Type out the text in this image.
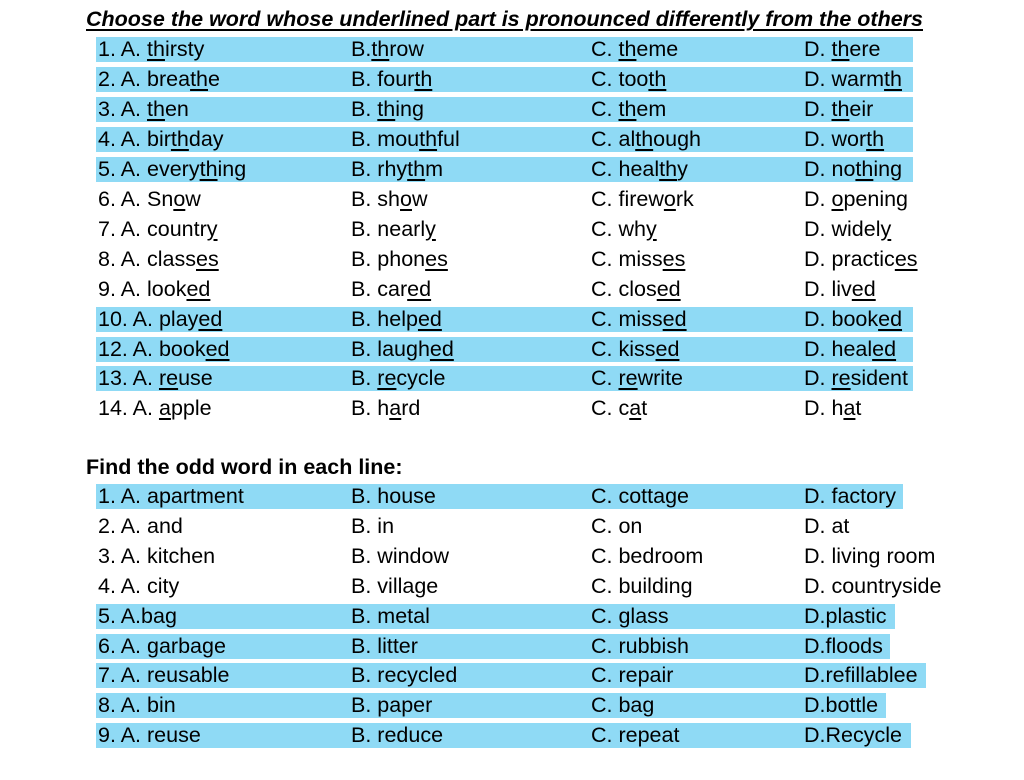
Choose the word whose underlined part is pronounced differently from the others
1. A. th irsty	B. th row	C. th eme	D. th ere
2. A. brea th e	B. four th	C. too th	D. warm th
3. A. th en	B. th ing	C. th em	D. th eir
4. A. bir th day	B. mou th ful	C. al th ough	D. wor th
5. A. every th ing	B. rhy th m	C. heal th y	D. no th ing
6. A. Sn o w	B. sh o w	C. firew o rk	D. o pening
7. A. countr y	B. nearl y	C. wh y	D. widel y
8. A. class es	B. phon es	C. miss es	D. practic es
9. A. look ed	B. car ed	C. clos ed	D. liv ed
10. A. play ed	B. help ed	C. miss ed	D. book ed
12. A. book ed	B. laugh ed	C. kiss ed	D. heal ed
13. A. re use	B. re cycle	C. re write	D. re sident
14. A. a pple	B. h a rd	C. c a t	D. h a t
Find the odd word in each line:
1. A. apartment	B. house	C. cottage	D. factory
2. A. and	B. in	C. on	D. at
3. A. kitchen	B. window	C. bedroom	D. living room
4. A. city	B. village	C. building	D. countryside
5. A.bag	B. metal	C. glass	D.plastic
6. A. garbage	B. litter	C. rubbish	D.floods
7. A. reusable	B. recycled	C. repair	D.refillablee
8. A. bin	B. paper	C. bag	D.bottle
9. A. reuse	B. reduce	C. repeat	D.Recycle
